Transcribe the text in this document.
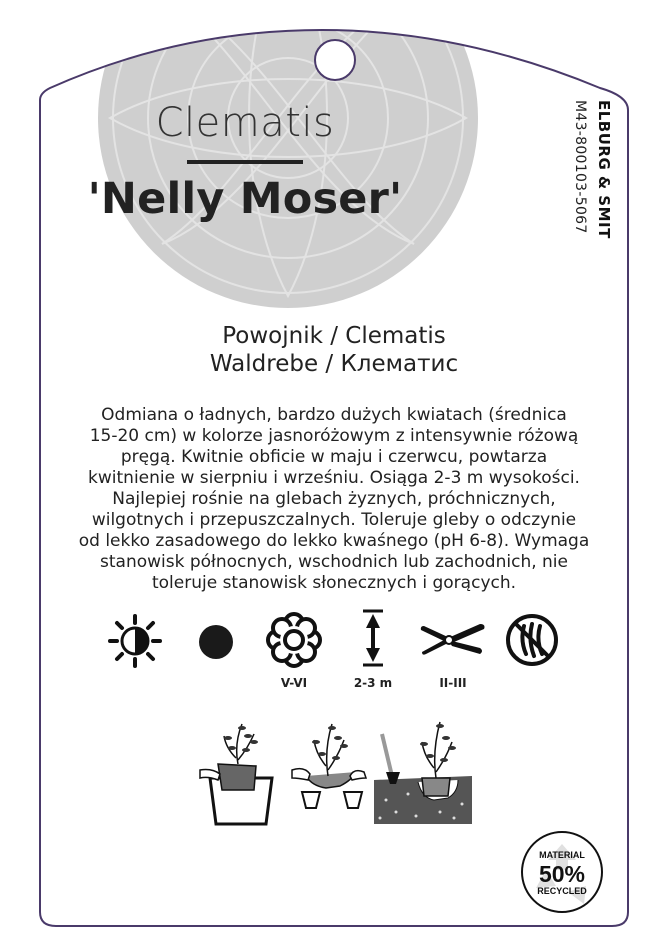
Clematis
'Nelly Moser'	ELBURG & SMIT
M43-800103-5067
Powojnik / Clematis
Waldrebe / Клематис
Odmiana o ładnych, bardzo dużych kwiatach (średnica
15-20 cm) w kolorze jasnoróżowym z intensywnie różową
pręgą. Kwitnie obficie w maju i czerwcu, powtarza
kwitnienie w sierpniu i wrześniu. Osiąga 2-3 m wysokości.
Najlepiej rośnie na glebach żyznych, próchnicznych,
wilgotnych i przepuszczalnych. Toleruje gleby o odczynie
od lekko zasadowego do lekko kwaśnego (pH 6-8). Wymaga
stanowisk północnych, wschodnich lub zachodnich, nie
toleruje stanowisk słonecznych i gorących.
V-VI	2-3 m	II-III
MATERIAL
50%
RECYCLED
